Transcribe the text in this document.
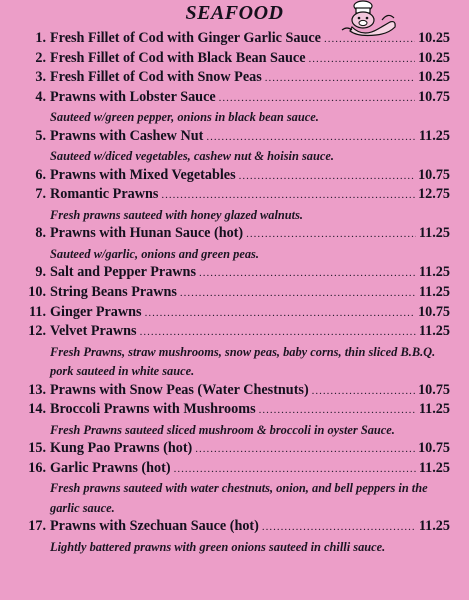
SEAFOOD
1. Fresh Fillet of Cod with Ginger Garlic Sauce .....	10.25
2. Fresh Fillet of Cod with Black Bean Sauce .....	10.25
3. Fresh Fillet of Cod with Snow Peas .....	10.25
4. Prawns with Lobster Sauce .....	10.75
Sauteed w/green pepper, onions in black bean sauce.
5. Prawns with Cashew Nut .....	11.25
Sauteed w/diced vegetables, cashew nut & hoisin sauce.
6. Prawns with Mixed Vegetables .....	10.75
7. Romantic Prawns .....	12.75
Fresh prawns sauteed with honey glazed walnuts.
8. Prawns with Hunan Sauce (hot) .....	11.25
Sauteed w/garlic, onions and green peas.
9. Salt and Pepper Prawns .....	11.25
10. String Beans Prawns .....	11.25
11. Ginger Prawns .....	10.75
12. Velvet Prawns .....	11.25
Fresh Prawns, straw mushrooms, snow peas, baby corns, thin sliced B.B.Q. pork sauteed in white sauce.
13. Prawns with Snow Peas (Water Chestnuts) .....	10.75
14. Broccoli Prawns with Mushrooms .....	11.25
Fresh Prawns sauteed sliced mushroom & broccoli in oyster Sauce.
15. Kung Pao Prawns (hot) .....	10.75
16. Garlic Prawns (hot) .....	11.25
Fresh prawns sauteed with water chestnuts, onion, and bell peppers in the garlic sauce.
17. Prawns with Szechuan Sauce (hot) .....	11.25
Lightly battered prawns with green onions sauteed in chilli sauce.
